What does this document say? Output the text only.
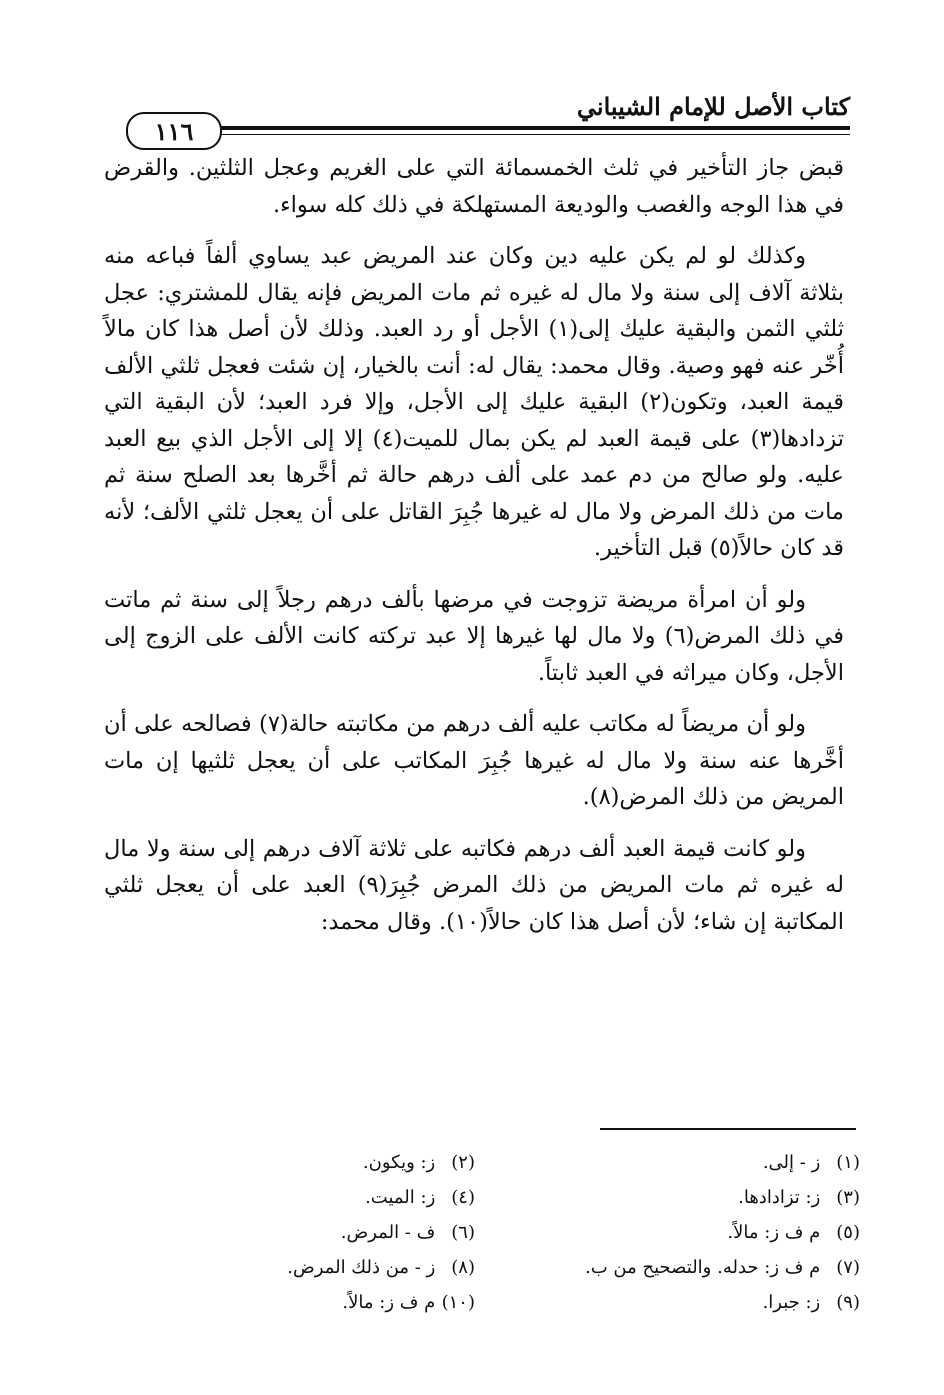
كتاب الأصل للإمام الشيباني
١١٦

قبض جاز التأخير في ثلث الخمسمائة التي على الغريم وعجل الثلثين. والقرض في هذا الوجه والغصب والوديعة المستهلكة في ذلك كله سواء.

وكذلك لو لم يكن عليه دين وكان عند المريض عبد يساوي ألفاً فباعه منه بثلاثة آلاف إلى سنة ولا مال له غيره ثم مات المريض فإنه يقال للمشتري: عجل ثلثي الثمن والبقية عليك إلى(١) الأجل أو رد العبد. وذلك لأن أصل هذا كان مالاً أُخّر عنه فهو وصية. وقال محمد: يقال له: أنت بالخيار، إن شئت فعجل ثلثي الألف قيمة العبد، وتكون(٢) البقية عليك إلى الأجل، وإلا فرد العبد؛ لأن البقية التي تزدادها(٣) على قيمة العبد لم يكن بمال للميت(٤) إلا إلى الأجل الذي بيع العبد عليه. ولو صالح من دم عمد على ألف درهم حالة ثم أخَّرها بعد الصلح سنة ثم مات من ذلك المرض ولا مال له غيرها جُبِرَ القاتل على أن يعجل ثلثي الألف؛ لأنه قد كان حالاً(٥) قبل التأخير.

ولو أن امرأة مريضة تزوجت في مرضها بألف درهم رجلاً إلى سنة ثم ماتت في ذلك المرض(٦) ولا مال لها غيرها إلا عبد تركته كانت الألف على الزوج إلى الأجل، وكان ميراثه في العبد ثابتاً.

ولو أن مريضاً له مكاتب عليه ألف درهم من مكاتبته حالة(٧) فصالحه على أن أخَّرها عنه سنة ولا مال له غيرها جُبِرَ المكاتب على أن يعجل ثلثيها إن مات المريض من ذلك المرض(٨).

ولو كانت قيمة العبد ألف درهم فكاتبه على ثلاثة آلاف درهم إلى سنة ولا مال له غيره ثم مات المريض من ذلك المرض جُبِرَ(٩) العبد على أن يعجل ثلثي المكاتبة إن شاء؛ لأن أصل هذا كان حالاً(١٠). وقال محمد:

(١) ز - إلى.
(٢) ز: ويكون.
(٣) ز: تزادادها.
(٤) ز: الميت.
(٥) م ف ز: مالاً.
(٦) ف - المرض.
(٧) م ف ز: حدله. والتصحيح من ب.
(٨) ز - من ذلك المرض.
(٩) ز: جبرا.
(١٠) م ف ز: مالاً.
